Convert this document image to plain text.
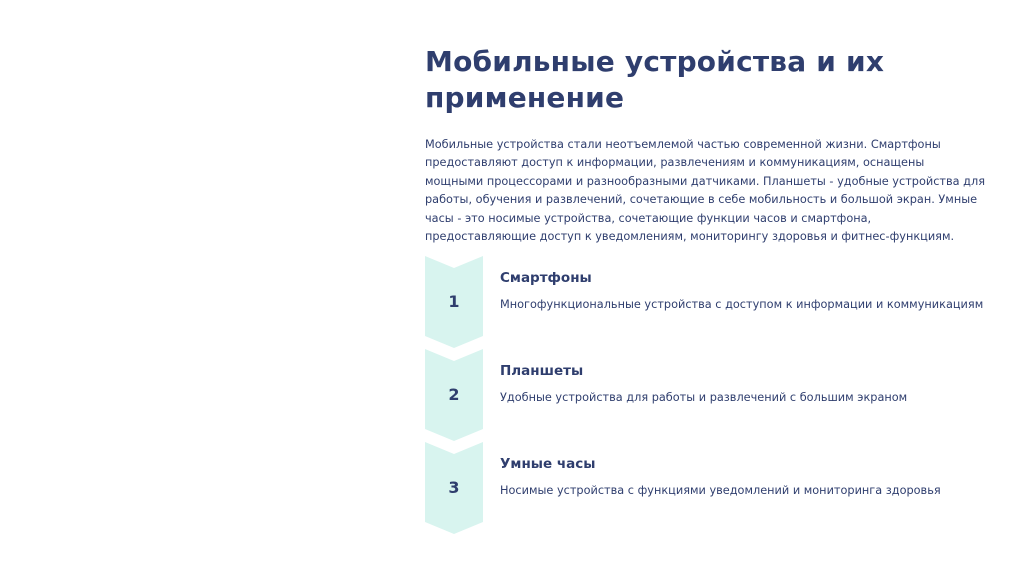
Мобильные устройства и их применение

Мобильные устройства стали неотъемлемой частью современной жизни. Смартфоны предоставляют доступ к информации, развлечениям и коммуникациям, оснащены мощными процессорами и разнообразными датчиками. Планшеты - удобные устройства для работы, обучения и развлечений, сочетающие в себе мобильность и большой экран. Умные часы - это носимые устройства, сочетающие функции часов и смартфона, предоставляющие доступ к уведомлениям, мониторингу здоровья и фитнес-функциям.

1
Смартфоны
Многофункциональные устройства с доступом к информации и коммуникациям
2
Планшеты
Удобные устройства для работы и развлечений с большим экраном
3
Умные часы
Носимые устройства с функциями уведомлений и мониторинга здоровья
